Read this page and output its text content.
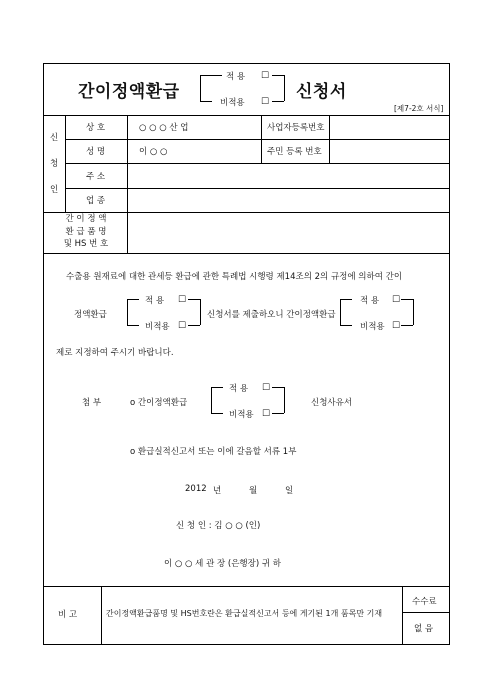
간이정액환급	신청서
적 용 □
비적용 □
[제7-2호 서식]
신
청
인
상 호	○ ○ ○ 산 업	사업자등록번호
성 명	이 ○ ○	주민 등록 번호
주 소
업 종
간 이 정 액
환 급 품 명
및 HS 번 호
수출용 원재료에 대한 관세등 환급에 관한 특례법 시행령 제14조의 2의 규정에 의하여 간이
정액환급
적 용 □
비적용 □
신청서를 제출하오니 간이정액환급
적 용 □
비적용 □
제로 지정하여 주시기 바랍니다.
첨 부	ο 간이정액환급
적 용 □
비적용 □
신청사유서
ο 환급실적신고서 또는 이에 갈음할 서류 1부
2012 년	월	일
신 청 인 : 김 ○ ○ (인)
이 ○ ○ 세 관 장 (은행장) 귀 하
비 고	간이정액환급품명 및 HS번호란은 환급실적신고서 등에 게기된 1개 품목만 기재
수수료
없 음
